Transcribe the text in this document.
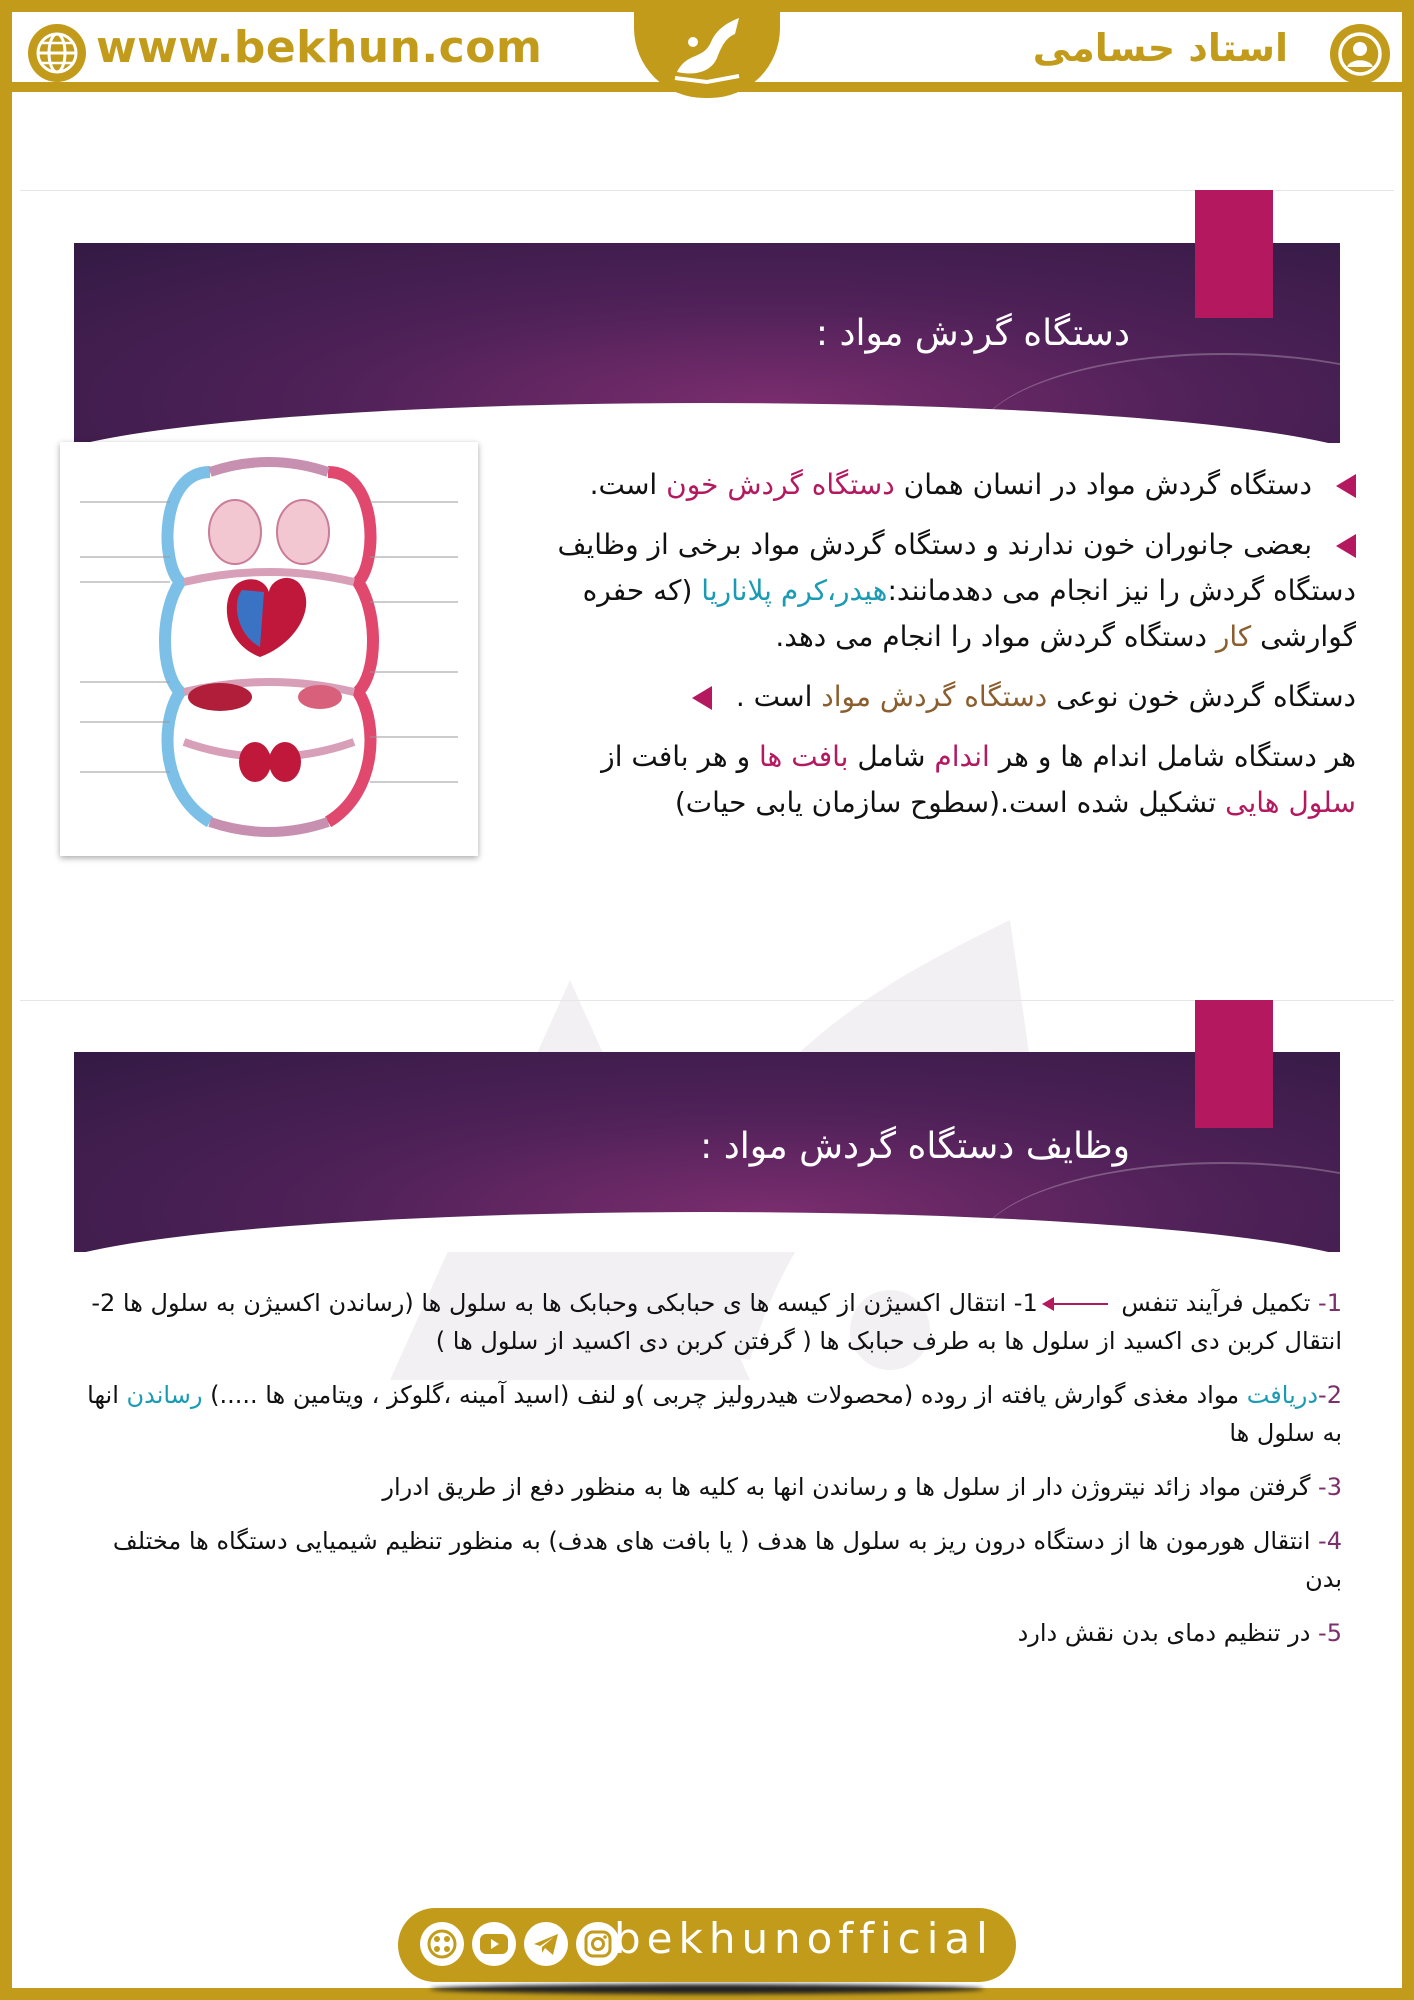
www.bekhun.com	استاد حسامی
دستگاه گردش مواد :
دستگاه گردش مواد در انسان همان دستگاه گردش خون است.
بعضی جانوران خون ندارند و دستگاه گردش مواد برخی از وظایف دستگاه گردش را نیز انجام می دهدمانند:هیدر،کرم پلاناریا (که حفره گوارشی کار دستگاه گردش مواد را انجام می دهد.
دستگاه گردش خون نوعی دستگاه گردش مواد است .
هر دستگاه شامل اندام ها و هر اندام شامل بافت ها و هر بافت از سلول هایی تشکیل شده است.(سطوح سازمان یابی حیات)
وظایف دستگاه گردش مواد :
1- تکمیل فرآیند تنفس 1- انتقال اکسیژن از کیسه ها ی حبابکی وحبابک ها به سلول ها (رساندن اکسیژن به سلول ها 2- انتقال کربن دی اکسید از سلول ها به طرف حبابک ها ( گرفتن کربن دی اکسید از سلول ها )
2-دریافت مواد مغذی گوارش یافته از روده (محصولات هیدرولیز چربی )و لنف (اسید آمینه ،گلوکز ، ویتامین ها .....) رساندن انها به سلول ها
3- گرفتن مواد زائد نیتروژن دار از سلول ها و رساندن انها به کلیه ها به منظور دفع از طریق ادرار
4- انتقال هورمون ها از دستگاه درون ریز به سلول ها هدف ( یا بافت های هدف) به منظور تنظیم شیمیایی دستگاه ها مختلف بدن
5- در تنظیم دمای بدن نقش دارد
bekhunofficial
